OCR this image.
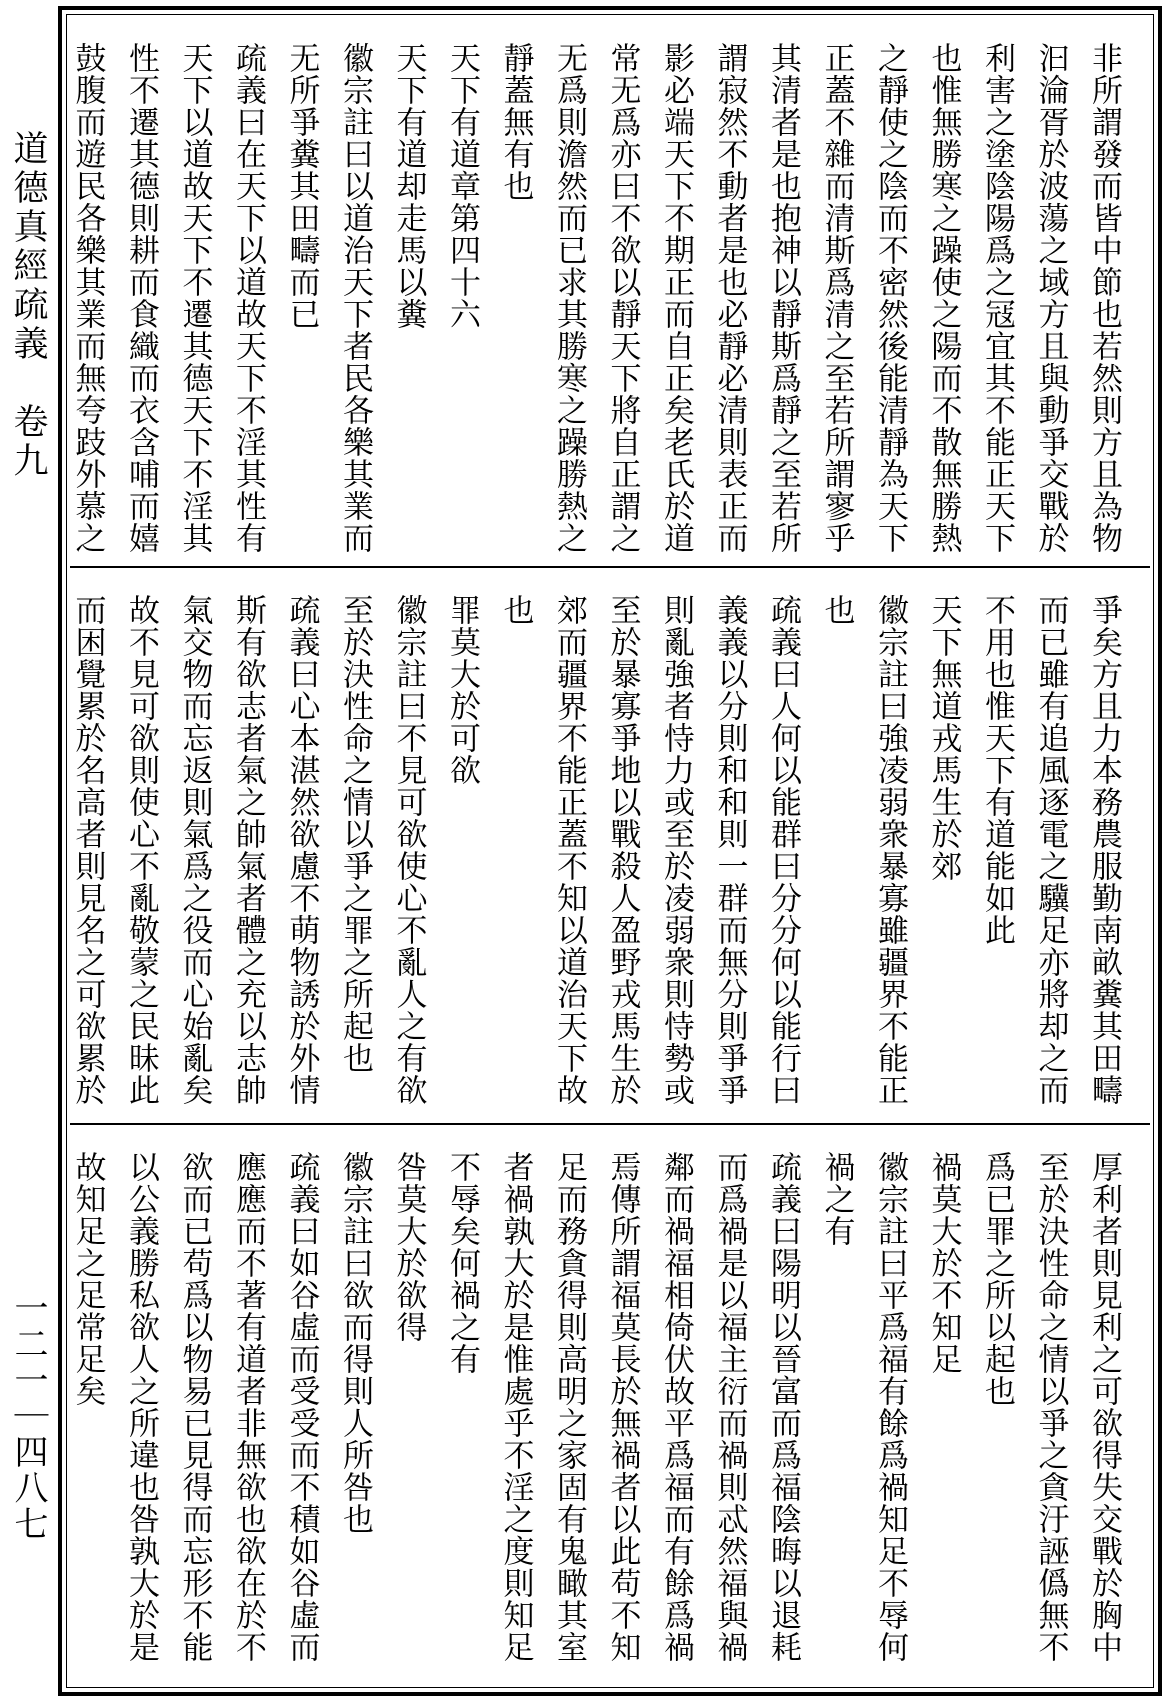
道德真經疏義　卷九
一二一｜四八七
非所謂發而皆中節也若然則方且為物
汩淪胥於波蕩之域方且與動爭交戰於
利害之塗陰陽爲之冦宜其不能正天下
也惟無勝寒之躁使之陽而不散無勝熱
之靜使之陰而不密然後能清靜為天下
正蓋不雜而清斯爲清之至若所謂寥乎
其清者是也抱神以靜斯爲靜之至若所
謂寂然不動者是也必靜必清則表正而
影必端天下不期正而自正矣老氏於道
常无爲亦曰不欲以靜天下將自正謂之
无爲則澹然而已求其勝寒之躁勝熱之
靜蓋無有也
天下有道章第四十六
天下有道却走馬以糞
徽宗註曰以道治天下者民各樂其業而
无所爭糞其田疇而已
疏義曰在天下以道故天下不淫其性有
天下以道故天下不遷其德天下不淫其
性不遷其德則耕而食織而衣含哺而嬉
鼓腹而遊民各樂其業而無夸跂外慕之
爭矣方且力本務農服勤南畝糞其田疇
而已雖有追風逐電之驥足亦將却之而
不用也惟天下有道能如此
天下無道戎馬生於郊
徽宗註曰強凌弱衆暴寡雖疆界不能正
也
疏義曰人何以能群曰分分何以能行曰
義義以分則和和則一群而無分則爭爭
則亂強者恃力或至於凌弱衆則恃勢或
至於暴寡爭地以戰殺人盈野戎馬生於
郊而疆界不能正蓋不知以道治天下故
也
罪莫大於可欲
徽宗註曰不見可欲使心不亂人之有欲
至於決性命之情以爭之罪之所起也
疏義曰心本湛然欲慮不萌物誘於外情
斯有欲志者氣之帥氣者體之充以志帥
氣交物而忘返則氣爲之役而心始亂矣
故不見可欲則使心不亂敬蒙之民昧此
而困覺累於名高者則見名之可欲累於
厚利者則見利之可欲得失交戰於胸中
至於決性命之情以爭之貪汙誣僞無不
爲已罪之所以起也
禍莫大於不知足
徽宗註曰平爲福有餘爲禍知足不辱何
禍之有
疏義曰陽明以晉富而爲福陰晦以退耗
而爲禍是以福主衍而禍則忒然福與禍
鄰而禍福相倚伏故平爲福而有餘爲禍
焉傳所謂福莫長於無禍者以此苟不知
足而務貪得則高明之家固有鬼瞰其室
者禍孰大於是惟處乎不淫之度則知足
不辱矣何禍之有
咎莫大於欲得
徽宗註曰欲而得則人所咎也
疏義曰如谷虛而受受而不積如谷虛而
應應而不著有道者非無欲也欲在於不
欲而已苟爲以物易已見得而忘形不能
以公義勝私欲人之所違也咎孰大於是
故知足之足常足矣
